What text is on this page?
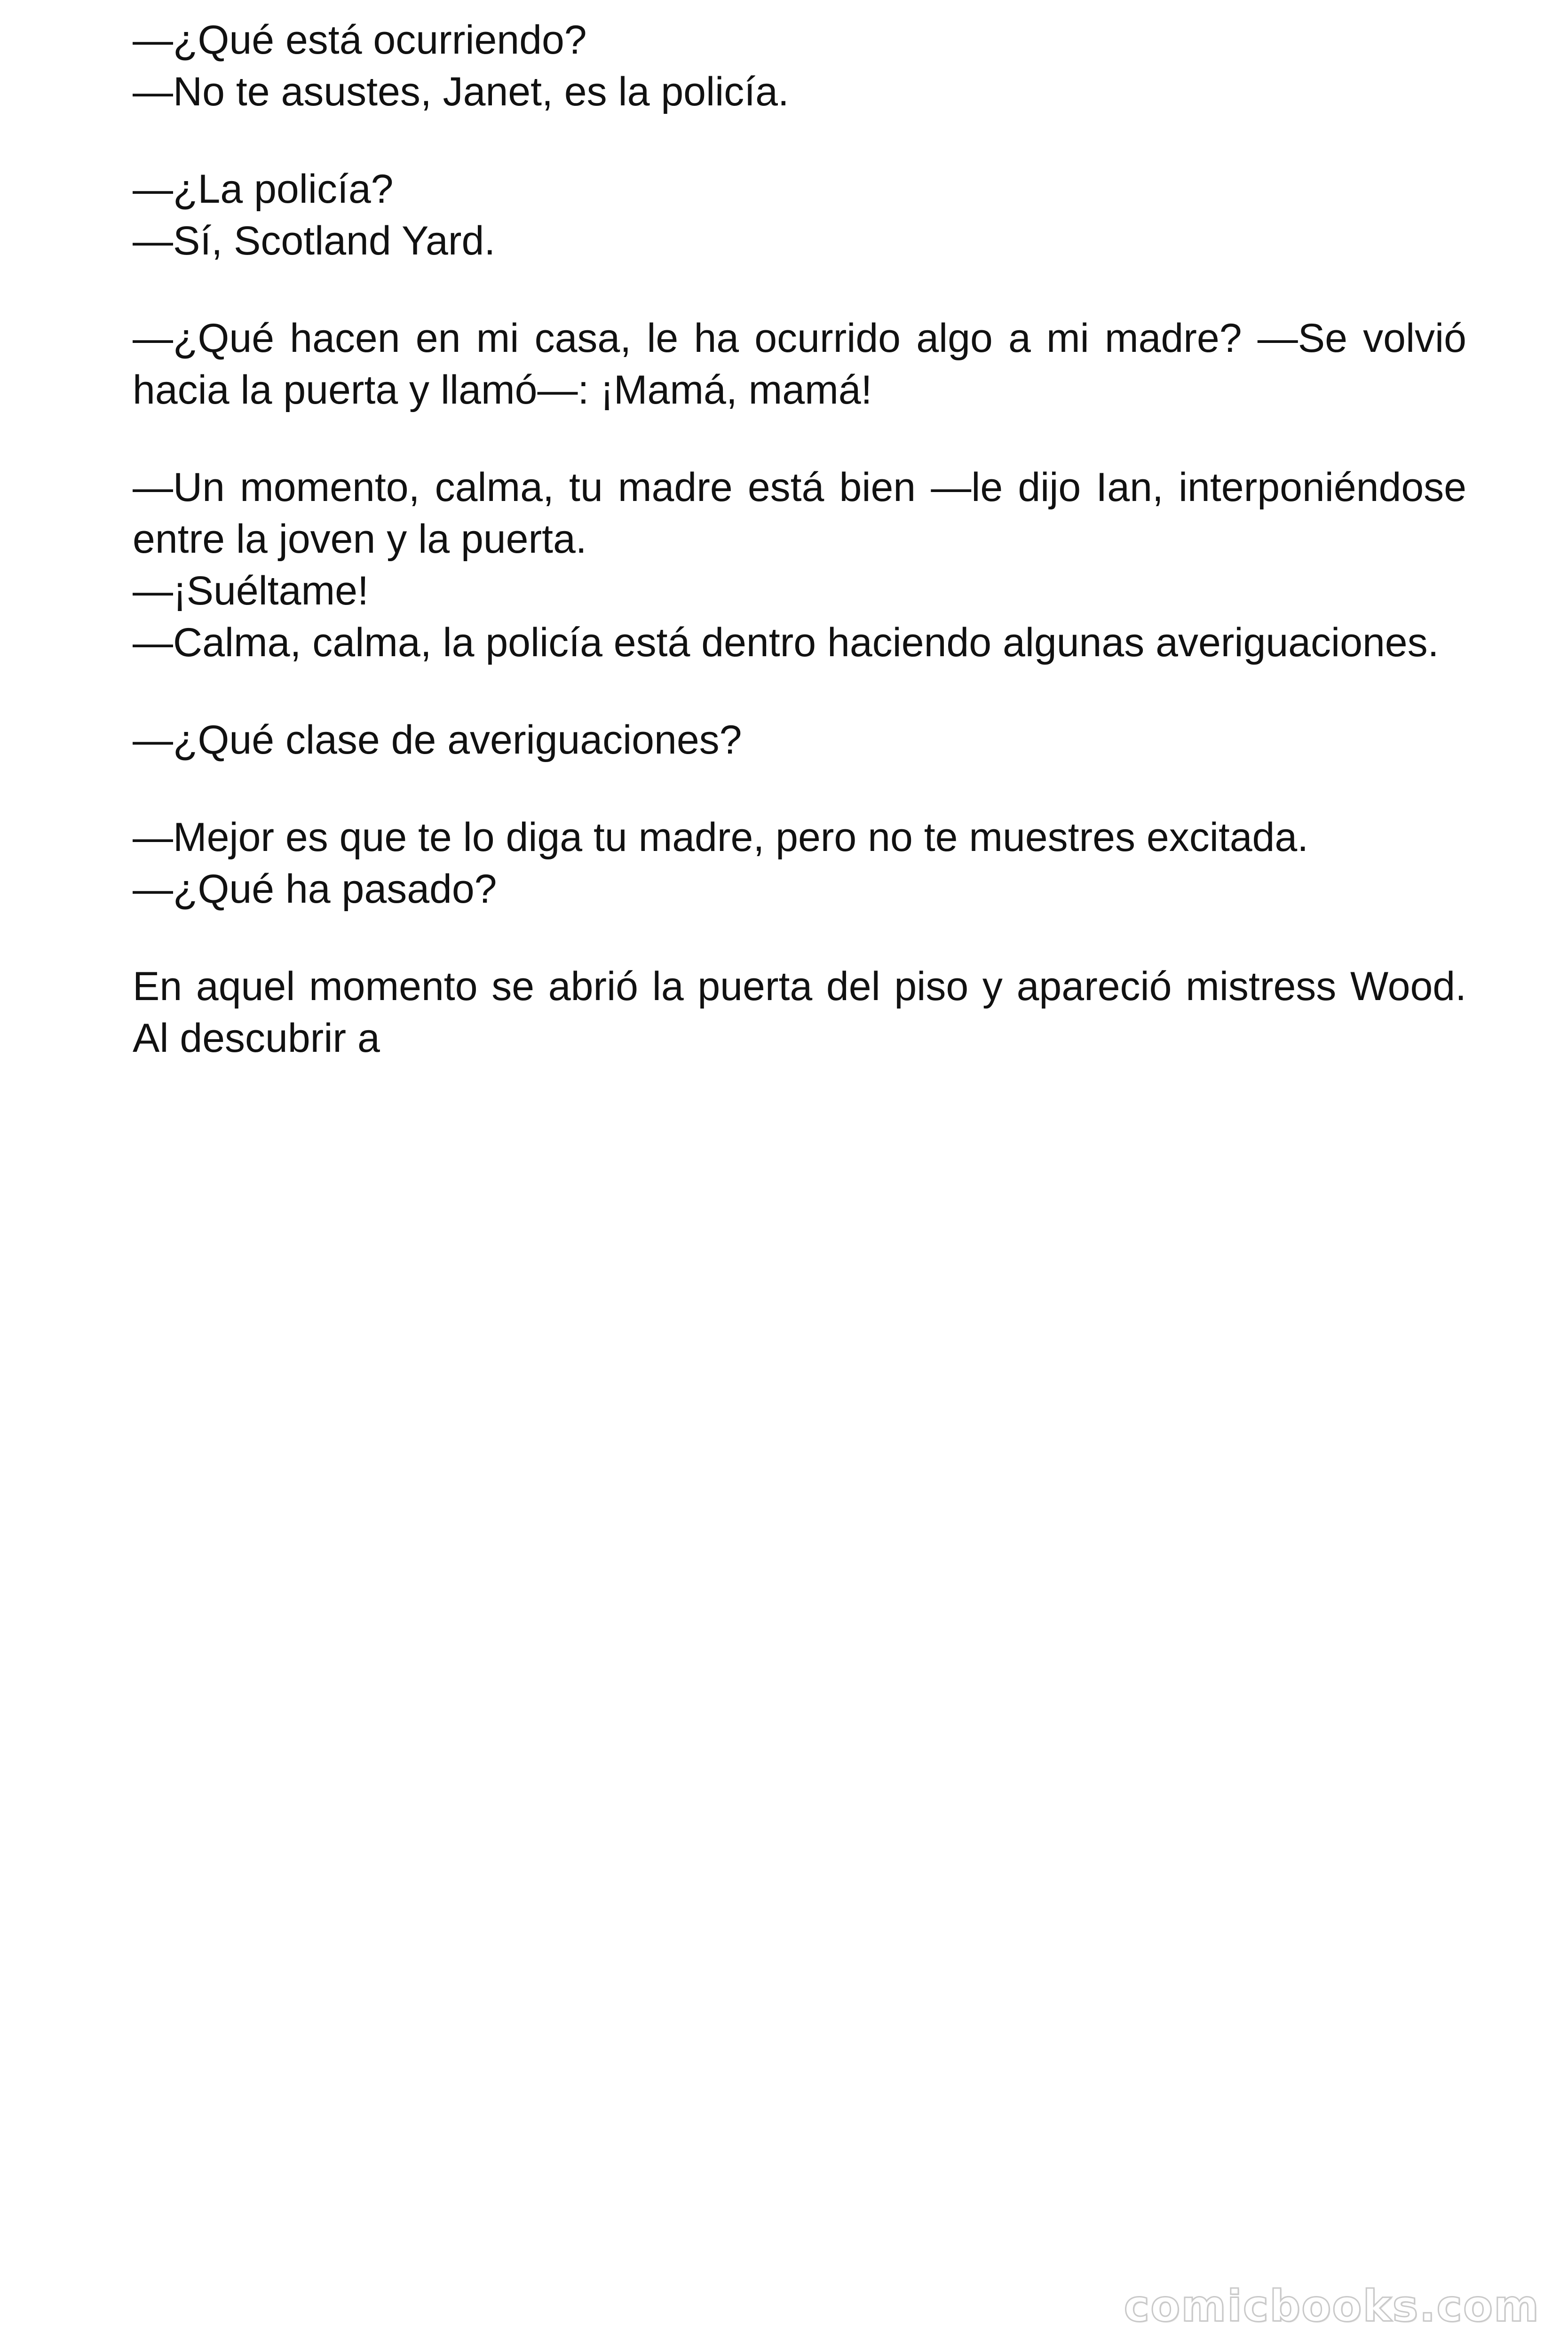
—¿Qué está ocurriendo?

—No te asustes, Janet, es la policía.

—¿La policía?

—Sí, Scotland Yard.

—¿Qué hacen en mi casa, le ha ocurrido algo a mi madre? —Se volvió hacia la puerta y llamó—: ¡Mamá, mamá!

—Un momento, calma, tu madre está bien —le dijo Ian, interponiéndose entre la joven y la puerta.

—¡Suéltame!

—Calma, calma, la policía está dentro haciendo algunas averiguaciones.

—¿Qué clase de averiguaciones?

—Mejor es que te lo diga tu madre, pero no te muestres excitada.

—¿Qué ha pasado?

En aquel momento se abrió la puerta del piso y apareció mistress Wood. Al descubrir a

comicbooks.com
